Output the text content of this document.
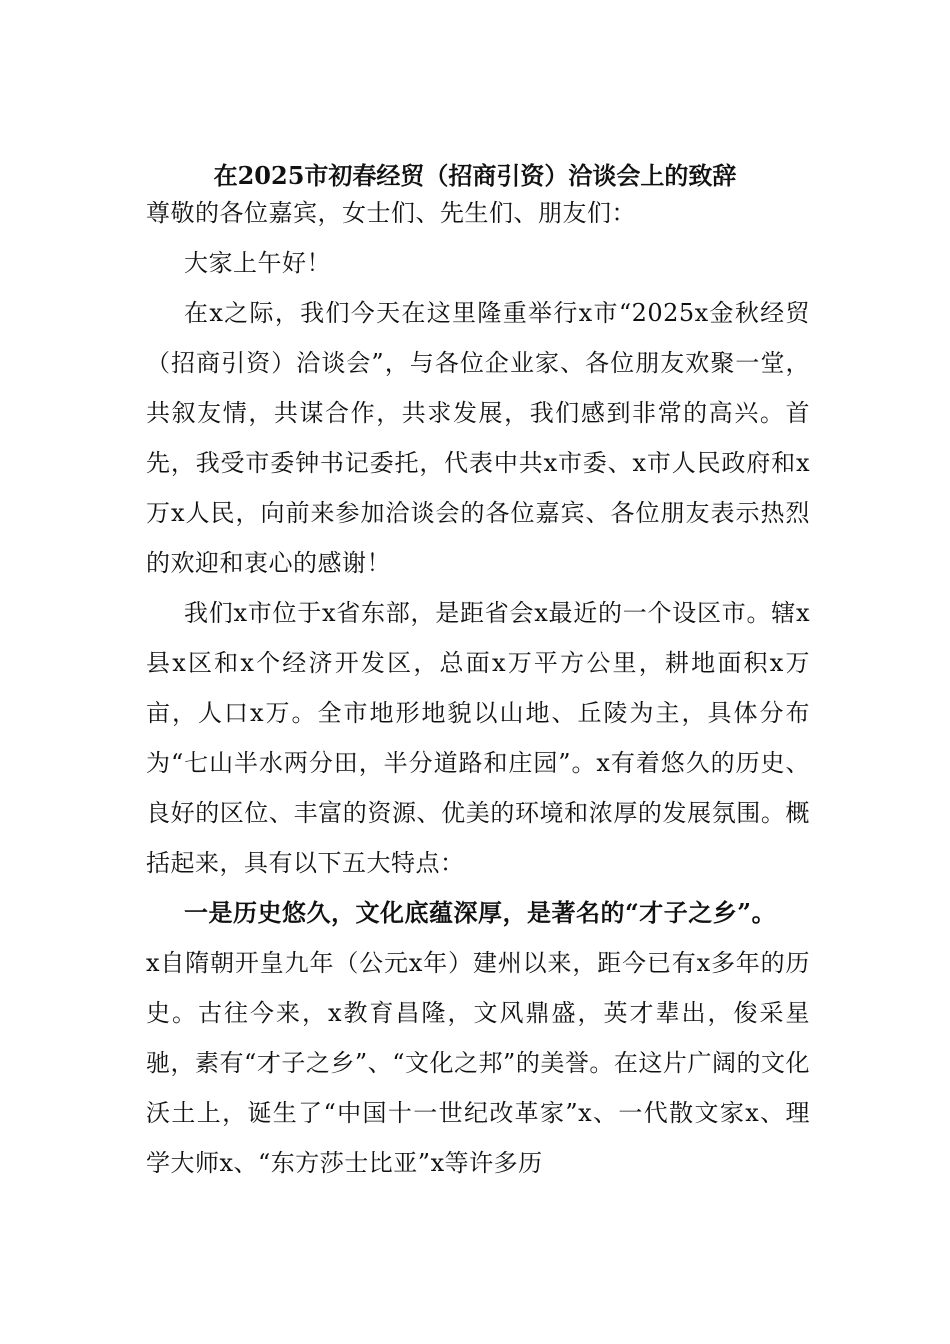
在2025市初春经贸（招商引资）洽谈会上的致辞

尊敬的各位嘉宾，女士们、先生们、朋友们：

大家上午好！

在x之际，我们今天在这里隆重举行x市“2025x金秋经贸（招商引资）洽谈会”，与各位企业家、各位朋友欢聚一堂，共叙友情，共谋合作，共求发展，我们感到非常的高兴。首先，我受市委钟书记委托，代表中共x市委、x市人民政府和x万x人民，向前来参加洽谈会的各位嘉宾、各位朋友表示热烈的欢迎和衷心的感谢！

我们x市位于x省东部，是距省会x最近的一个设区市。辖x县x区和x个经济开发区，总面x万平方公里，耕地面积x万亩，人口x万。全市地形地貌以山地、丘陵为主，具体分布为“七山半水两分田，半分道路和庄园”。x有着悠久的历史、良好的区位、丰富的资源、优美的环境和浓厚的发展氛围。概括起来，具有以下五大特点：

一是历史悠久，文化底蕴深厚，是著名的“才子之乡”。

x自隋朝开皇九年（公元x年）建州以来，距今已有x多年的历史。古往今来，x教育昌隆，文风鼎盛，英才辈出，俊采星驰，素有“才子之乡”、“文化之邦”的美誉。在这片广阔的文化沃土上，诞生了“中国十一世纪改革家”x、一代散文家x、理学大师x、“东方莎士比亚”x等许多历
